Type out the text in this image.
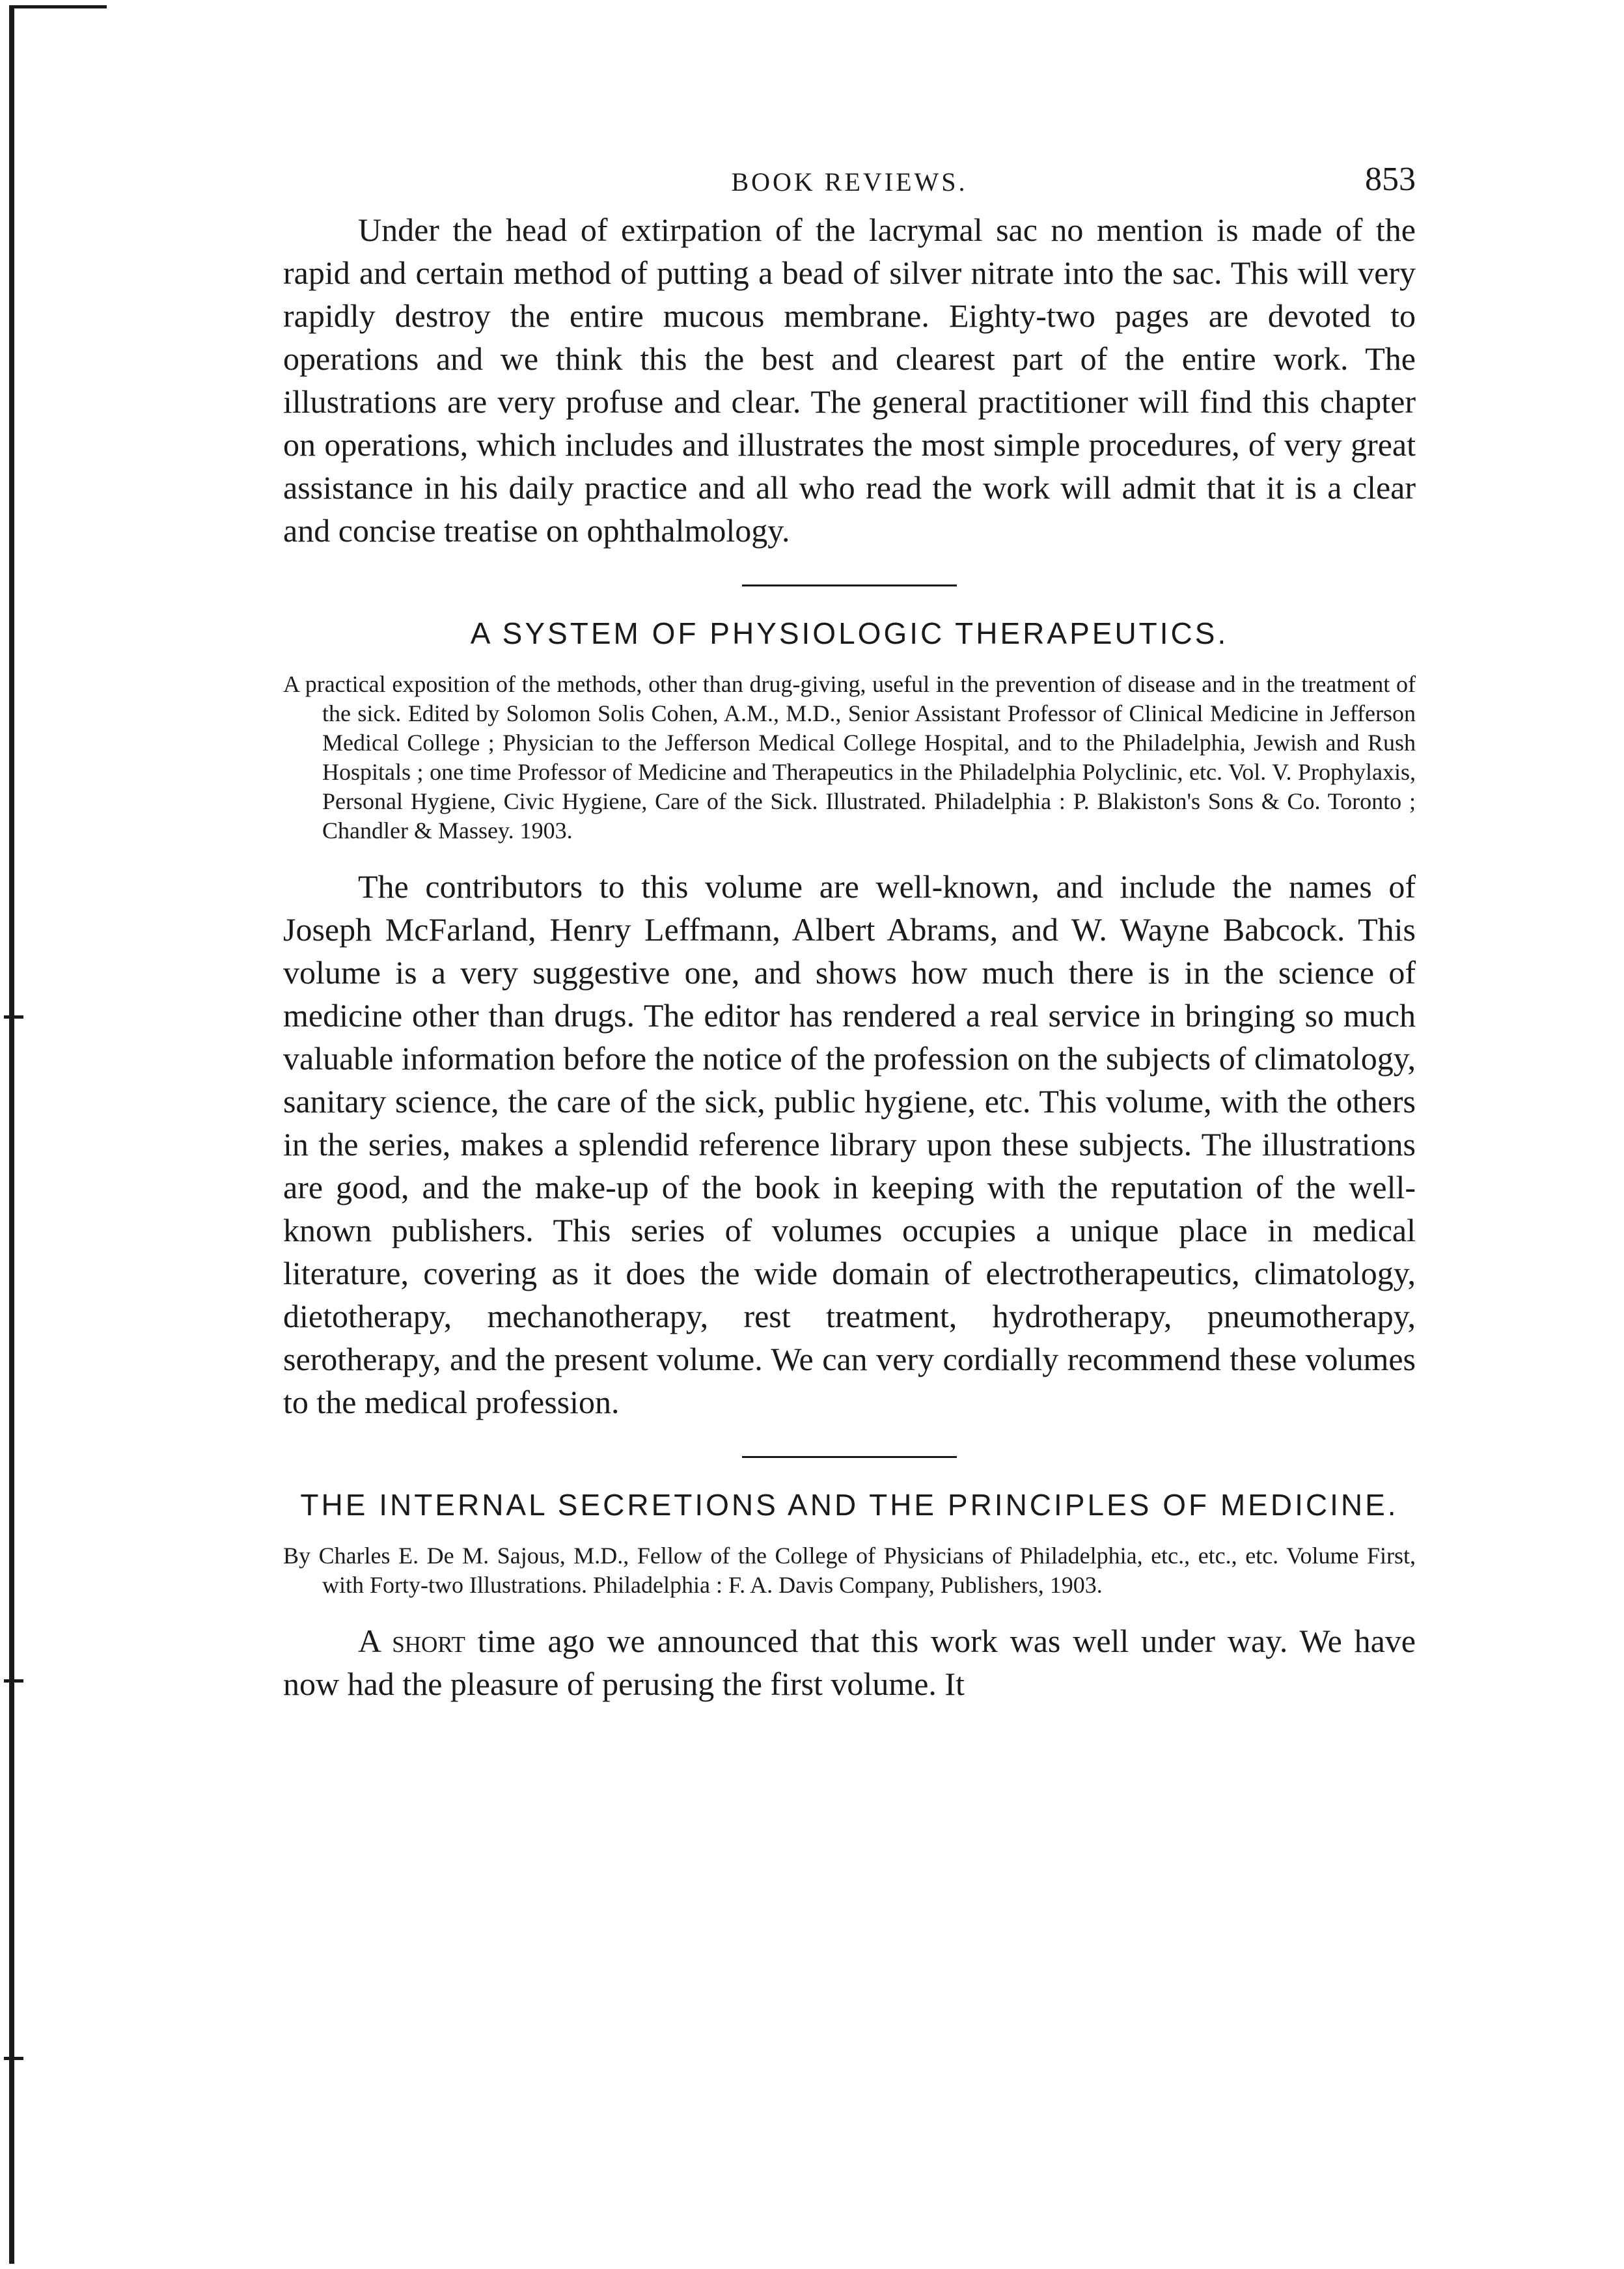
BOOK REVIEWS.	853

Under the head of extirpation of the lacrymal sac no mention is made of the rapid and certain method of putting a bead of silver nitrate into the sac. This will very rapidly destroy the entire mucous membrane. Eighty-two pages are devoted to operations and we think this the best and clearest part of the entire work. The illustrations are very profuse and clear. The general practitioner will find this chapter on operations, which includes and illustrates the most simple procedures, of very great assistance in his daily practice and all who read the work will admit that it is a clear and concise treatise on ophthalmology.

A SYSTEM OF PHYSIOLOGIC THERAPEUTICS.

A practical exposition of the methods, other than drug-giving, useful in the prevention of disease and in the treatment of the sick. Edited by Solomon Solis Cohen, A.M., M.D., Senior Assistant Professor of Clinical Medicine in Jefferson Medical College ; Physician to the Jefferson Medical College Hospital, and to the Philadelphia, Jewish and Rush Hospitals ; one time Professor of Medicine and Therapeutics in the Philadelphia Polyclinic, etc. Vol. V. Prophylaxis, Personal Hygiene, Civic Hygiene, Care of the Sick. Illustrated. Philadelphia : P. Blakiston's Sons & Co. Toronto ; Chandler & Massey. 1903.

The contributors to this volume are well-known, and include the names of Joseph McFarland, Henry Leffmann, Albert Abrams, and W. Wayne Babcock. This volume is a very suggestive one, and shows how much there is in the science of medicine other than drugs. The editor has rendered a real service in bringing so much valuable information before the notice of the profession on the subjects of climatology, sanitary science, the care of the sick, public hygiene, etc. This volume, with the others in the series, makes a splendid reference library upon these subjects. The illustrations are good, and the make-up of the book in keeping with the reputation of the well-known publishers. This series of volumes occupies a unique place in medical literature, covering as it does the wide domain of electrotherapeutics, climatology, dietotherapy, mechanotherapy, rest treatment, hydrotherapy, pneumotherapy, serotherapy, and the present volume. We can very cordially recommend these volumes to the medical profession.

THE INTERNAL SECRETIONS AND THE PRINCIPLES OF MEDICINE.

By Charles E. De M. Sajous, M.D., Fellow of the College of Physicians of Philadelphia, etc., etc., etc. Volume First, with Forty-two Illustrations. Philadelphia : F. A. Davis Company, Publishers, 1903.

A short time ago we announced that this work was well under way. We have now had the pleasure of perusing the first volume. It
